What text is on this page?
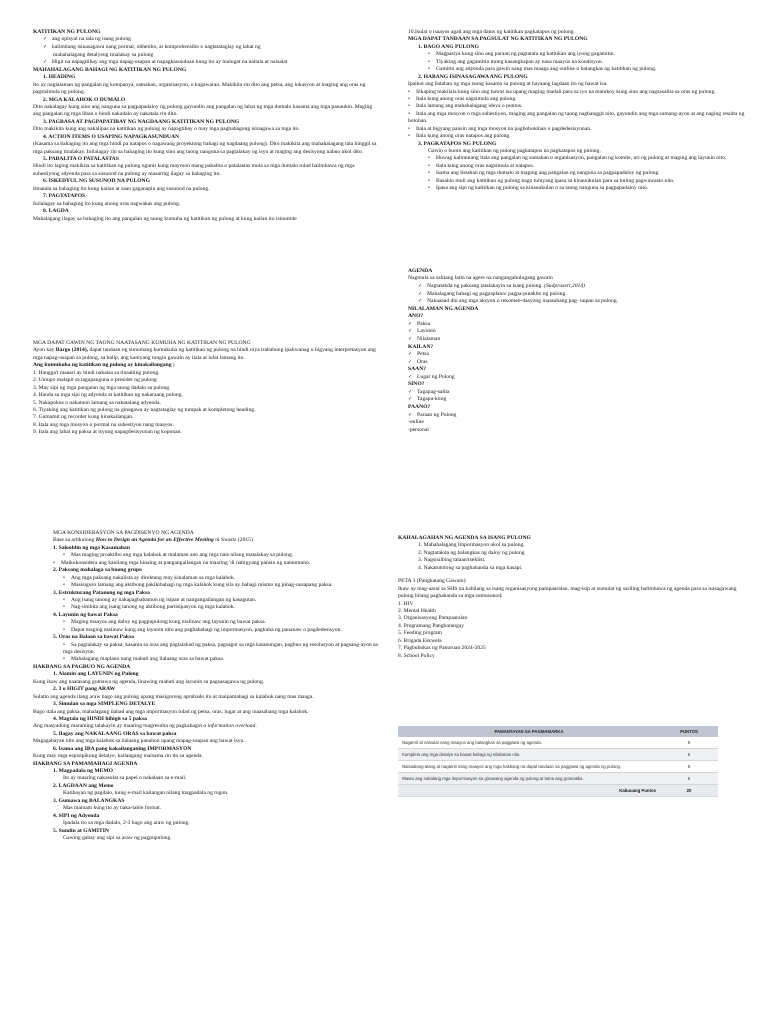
KATITIKAN NG PULONG
✓ ang opisyal na tala ng isang pulong
✓ kalimitang isinasagawa nang pormal, obhetibo, at komprehensibo o nagtatataglay ng lahat ng
mahahalagang detalyeng tinalakay sa pulong
✓ Higit na napagitibay ang mga napag-usapan at napagkasunduan kung ito ay maingat na naitala at naisalat
MAHAHALAGANG BAHAGI NG KATITIKAN NG PULONG
1. HEADING
Ito ay naglalaman ng pangalan ng kompanya, samahan, organisasyon, o kagawaran. Makikita rin dito ang petsa, ang lokasyon at maging ang oras ng pagsisimula ng pulong.
2. MGA KALAHOK O DUMALO
Dito nakalagay kung sino ang nanguna sa pagpapadaloy ng pulong gayundin ang pangalan ng lahat ng mga dumalo kasama ang mga panauhin. Maging ang pangalan ng mga liban o hindi nakadalo ay nakatala rin dito.
3. PAGBASA AT PAGPAPATIBAY NG NAGDAANG KATITIKAN NG PULONG
Dito makikita kung ang nakalipas na katitikan ng pulong ay napagtibay o may mga pagbabagong isinagawa sa mga ito.
4. ACTION ITEMS O USAPING NAPAGKASUNDUAN
(Kasama sa bahaging ito ang mga hindi pa natapos o nagawang proyektong bahagi ng nagdaang pulong). Dito makikita ang mahahalagang tala hinggil sa mga paksang tinalakay. Inilalagay rin sa bahaging ito kung sino ang taong nanguna sa pagtalakay ng isyu at maging ang desisyong nabuo ukol dito.
5. PABALITA O PATALASTAS
Hindi ito laging makikita sa katitikan ng pulong ngunit kung mayroon mang pabalita o patalastas mula sa mga dumalo tulad halimbawa ng mga suhestiyong adyenda para sa susunod na pulong ay maaaring ilagay sa bahaging ito.
6. ISKEDYUL NG SUSUNOD NA PULONG
Itinatala sa bahaging ito kung kailan at saan gaganapin ang susunod na pulong.
7. PAGTATAPOS
Inilalagay sa bahaging ito kung anong oras nagwakas ang pulong.
8. LAGDA
Mahalagang ilagay sa bahaging ito ang pangalan ng taong kumuha ng katitikan ng pulong at kung kailan ito isinumite
MGA DAPAT GAWIN NG TAONG NAATASANG KUMUHA NG KATITIKAN NG PULONG
Ayon kay Bargo (2014), dapat tandaan ng simumang kumukuha ng katitikan ng pulong na hindi niya trabahong ipaliwanag o bigyang interpretasyon ang mga napag-usapan sa pulong, sa halip, ang kaniyang tungin gawain ay itala at iulat lamang ito.
Ang kumukuha ng katitikan ng pulong ay kinakailangang ;
1. Hangga't maaari ay hindi nakaisa sa tinaabing pulong.
2. Umupo malapit sa tagapanguna o presider ng pulong
3. May sipi ng mga pangalan ng mga taong dadalo sa pulong.
4. Handa sa mga sipi ng adyenda at katitikan ng nakaraang pulong.
5. Nakapokus o nakatuon lamang sa nakatalang adyenda.
6. Tiyaking ang katitikan ng pulong na ginagawa ay nagtataglay ng tumpak at kompletong heading.
7. Gumamit ng recorder kung kinakailangan.
8. Itala ang mga mosyon o pormal na suhestiyon nang maayos.
9. Itala ang lahat ng paksa at isyung napagdesisyunan ng koponan.
10.Isulat o isaayos agad ang mga datos ng katitikan pagkatapos ng pulong.
MGA DAPAT TANDAAN SA PAGSULAT NG KATITIKAN NG PULONG
1. BAGO ANG PULONG
• Magpasiya kung sino ang paraan ng pagtatala ng katitikan ang iyong gagamitin.
• Tiyaking ang gagamitin mong kasangkapan ay nasa maayos na kondisyon.
• Gamitin ang adyenda para gawin nang mas maaga ang outline o balangkas ng katitikan ng pulong.
2. HABANG ISINASAGAWA ANG PULONG
Ipaikot ang listahan ng mga taong kasama sa pulong at hayaang lagdaan ito ng bawat isa.
• Sikaping makilala kung sino ang bawat isa upang maging madali para sa iyo na matukoy kung sino ang nagsasalita sa oras ng pulong.
• Itala kung anong oras nagsimula ang pulong.
• Itala lamang ang mahahalagang ideya o puntos.
• Itala ang mga mosyon o mga suhestiyon, maging ang pangalan ng taong nagbanggit nito, gayundin ang mga sumang-ayon at ang naging resulta ng botohan.
• Itala at bigyang pansin ang mga mosyon na pagbobotohan o pagdedesisyunan.
• Itala kung anong oras natapos ang pulong.
3. PAGKATAPOS NG PULONG
Gawin o buoin ang katitikan ng pulong pagkatapos na pagkatapos ng pulong.
• Huwag kalimutang itala ang pangalan ng samahan o organisasyon, pangalan ng komite, uri ng pulong at maging ang layunin nito.
• Itala kung anong oras nagsimula at natapos.
• Isama ang listahan ng mga dumalo at maging ang pangalan ng nanguna sa pagpapadaloy ng pulong.
• Basahin muli ang katitikan ng pulong bago tuluyang ipasa sa kinauukulan para sa huling pagwawasto nito.
• Ipasa ang sipi ng katitikan ng pulong sa kinauukulan o sa taong nanguna sa pagpapadaloy nito.
AGENDA
Nagmula sa salitang latin na agere na nangangahulugang gawain
✓ Nagtatakda ng paksang tatalakayin sa isang pulong. (Sudprasert,2014)
✓ Mahalagang bahagi ng pagpaplano/ pagpa-putakbo ng pulong.
✓ Nakaaaad din ang mga aksyon o rekomen-dasyong inaasahang pag- uupan sa pulong.
NILALAMAN NG AGENDA
ANO?
✓ Paksa
✓ Layunin
✓ Nilalaman
KAILAN?
✓ Petsa
✓ Oras
SAAN?
✓ Lugar ng Pulong
SINO?
✓ Tagapag-salita
✓ Tagapa-kinig
PAANO?
✓ Paraan ng Pulong
-online
-personal
MGA KONSIDERASYON SA PAGDISENYO NG AGENDA
Base sa artikulong How to Design an Agenda for an Effective Meeting ni Swartz (2015)
1. Salooblin ng mga Kasamahan
• Mas maging proaktibo ang mga kalahok at malaman ano ang mga nais nilang matalakay sa pulong.
• Maikokonsidera ang kanilang mga hinaing at pangangailangan na maaring 'di nabigyang pansin ng namumuno.
2. Paksang mahalaga sa buong grupo
• Ang mga paksang nakalista ay direktang may kinalaman sa mga kalahok.
• Masisiguro lamang ang aktibong pakikibahagi ng mga kalahok kung sila ay bahagi mismo ng pinag-uusapang paksa.
3. Estrukturang Patanong ng mga Paksa
• Ang isang tanong ay nakapagbabamon ng isipan at nangangailangan ng kasagutan.
• Nag-iimbita ang isang tanong ng aktibong partisipasyon ng mga kalahok.
4. Layunin ng bawat Paksa
• Maging maayos ang daloy ng pagpupulong kung malinaw ang layunin ng bawat paksa.
• Dapat maging malinaw kung ang layunin nito ang pagbabahagi ng impormasyon, pagkuha ng pananaw o pagdedesisyon.
5. Oras na Ilalaan sa bawat Paksa
• Sa pagtalakay sa paksa, kasama sa oras ang paglalahad ng paksa, pagsagot sa mga katanungan, pagbuo ng resolusyon at pagsang-ayon sa mga desisyon.
• Mahalagang maplano nang mabuti ang ilalaang oras sa bawat paksa.
HAKBANG SA PAGBUO NG AGENDA
1. Alamin ang LAYUNIN ng Pulong
Kung ikaw ang naatasang gumawa ng agenda, linawing mabuti ang layunin sa pagsasagawa ng pulong.
2. 3 o HIGIT pang ARAW
Sulatin ang agenda ilang araw bago ang pulong upang masigurong aprubado ito at maipamahagi sa kalahok nang mas maaga.
3. Simulan sa mga SIMPLENG DETALYE
Bago itala ang paksa, mahalagang ilahad ang mga impormasyon tulad ng petsa, oras, lugar at ang inaasahang mga kalahok.
4. Magtala ng HINDI hihigit sa 5 paksa
Ang masyadong maraming talakayin ay maaring magresulta ng pagkabagot o information overload.
5. Ilagay ang NAKALAANG ORAS sa bawat paksa
Magagabayan nito ang mga kalahok sa ilalaang panahon upang mapag-usapan ang bawat isyu.
6. Isama ang IBA pang kakailanganing IMPORMASYON
Kung may mga espisipikong detalye, kailangang maisama rin ito sa agenda.
HAKBANG SA PAMAMAHAGI AGENDA
1. Magpadala ng MEMO
Ito ay maaring nakasulat sa papel o nakalaan sa e-mail.
2. LAGDAAN ang Memo
Katibayan ng pagdalo, kung e-mail kailangan nilang magpadala ng tugon.
3. Gumawa ng BALANGKAS
Mas mainam kung ito ay naka-table format.
4. SIPI ng Adyenda
Ipadala ito sa mga dadalo, 2-3 bago ang araw ng pulong.
5. Sundin at GAMITIN
Gawing gabay ang sipi sa araw ng pagpupulong.
KAHALAGAHAN NG AGENDA SA ISANG PULONG
1. Mahahalagang Impormasyon ukol sa pulong.
2. Nagtatakda ng balangkas ng daloy ng pulong
3. Nagsisilbing talaan/tseklist.
4. Nakatutulong sa paghahanda sa mga kasapi.
PETA 3 (Pangkatang Gawain)
Ikaw ay mag-aaral sa SHS na kabilang sa isang organisasyong pampaaralan, mag-isip at sumulat ng sariling halimbawa ng agenda para sa isasagawang pulong bilang paghahanda sa mga sumusunod;
1. HIV
2. Mental Health
3. Organisasyong Pampaaralan
4. Programang Pangbarangay
5. Feeding program
6. Brigada Eskwela
7. Pagbubukas ng Panuruan 2024-2025
8. School Policy
PAMANTAYAN SA PAGMAMARKA	PUNTOS
Nagamit at naisulat nang maayos ang balangkas sa paggawa ng agenda.	5
Kumpleto ang mga detalye sa bawat bahagi ng nilalaman nito.	5
Naisaalang-alang at nagamit nang maayos ang mga hakbang na dapat tandaan sa paggawa ng agenda ng pulong.	5
Wasto ang naitalang mga impormasyon sa ginawang agenda ng pulong at tama ang gramatika.	5
Kabuuang Puntos	20
